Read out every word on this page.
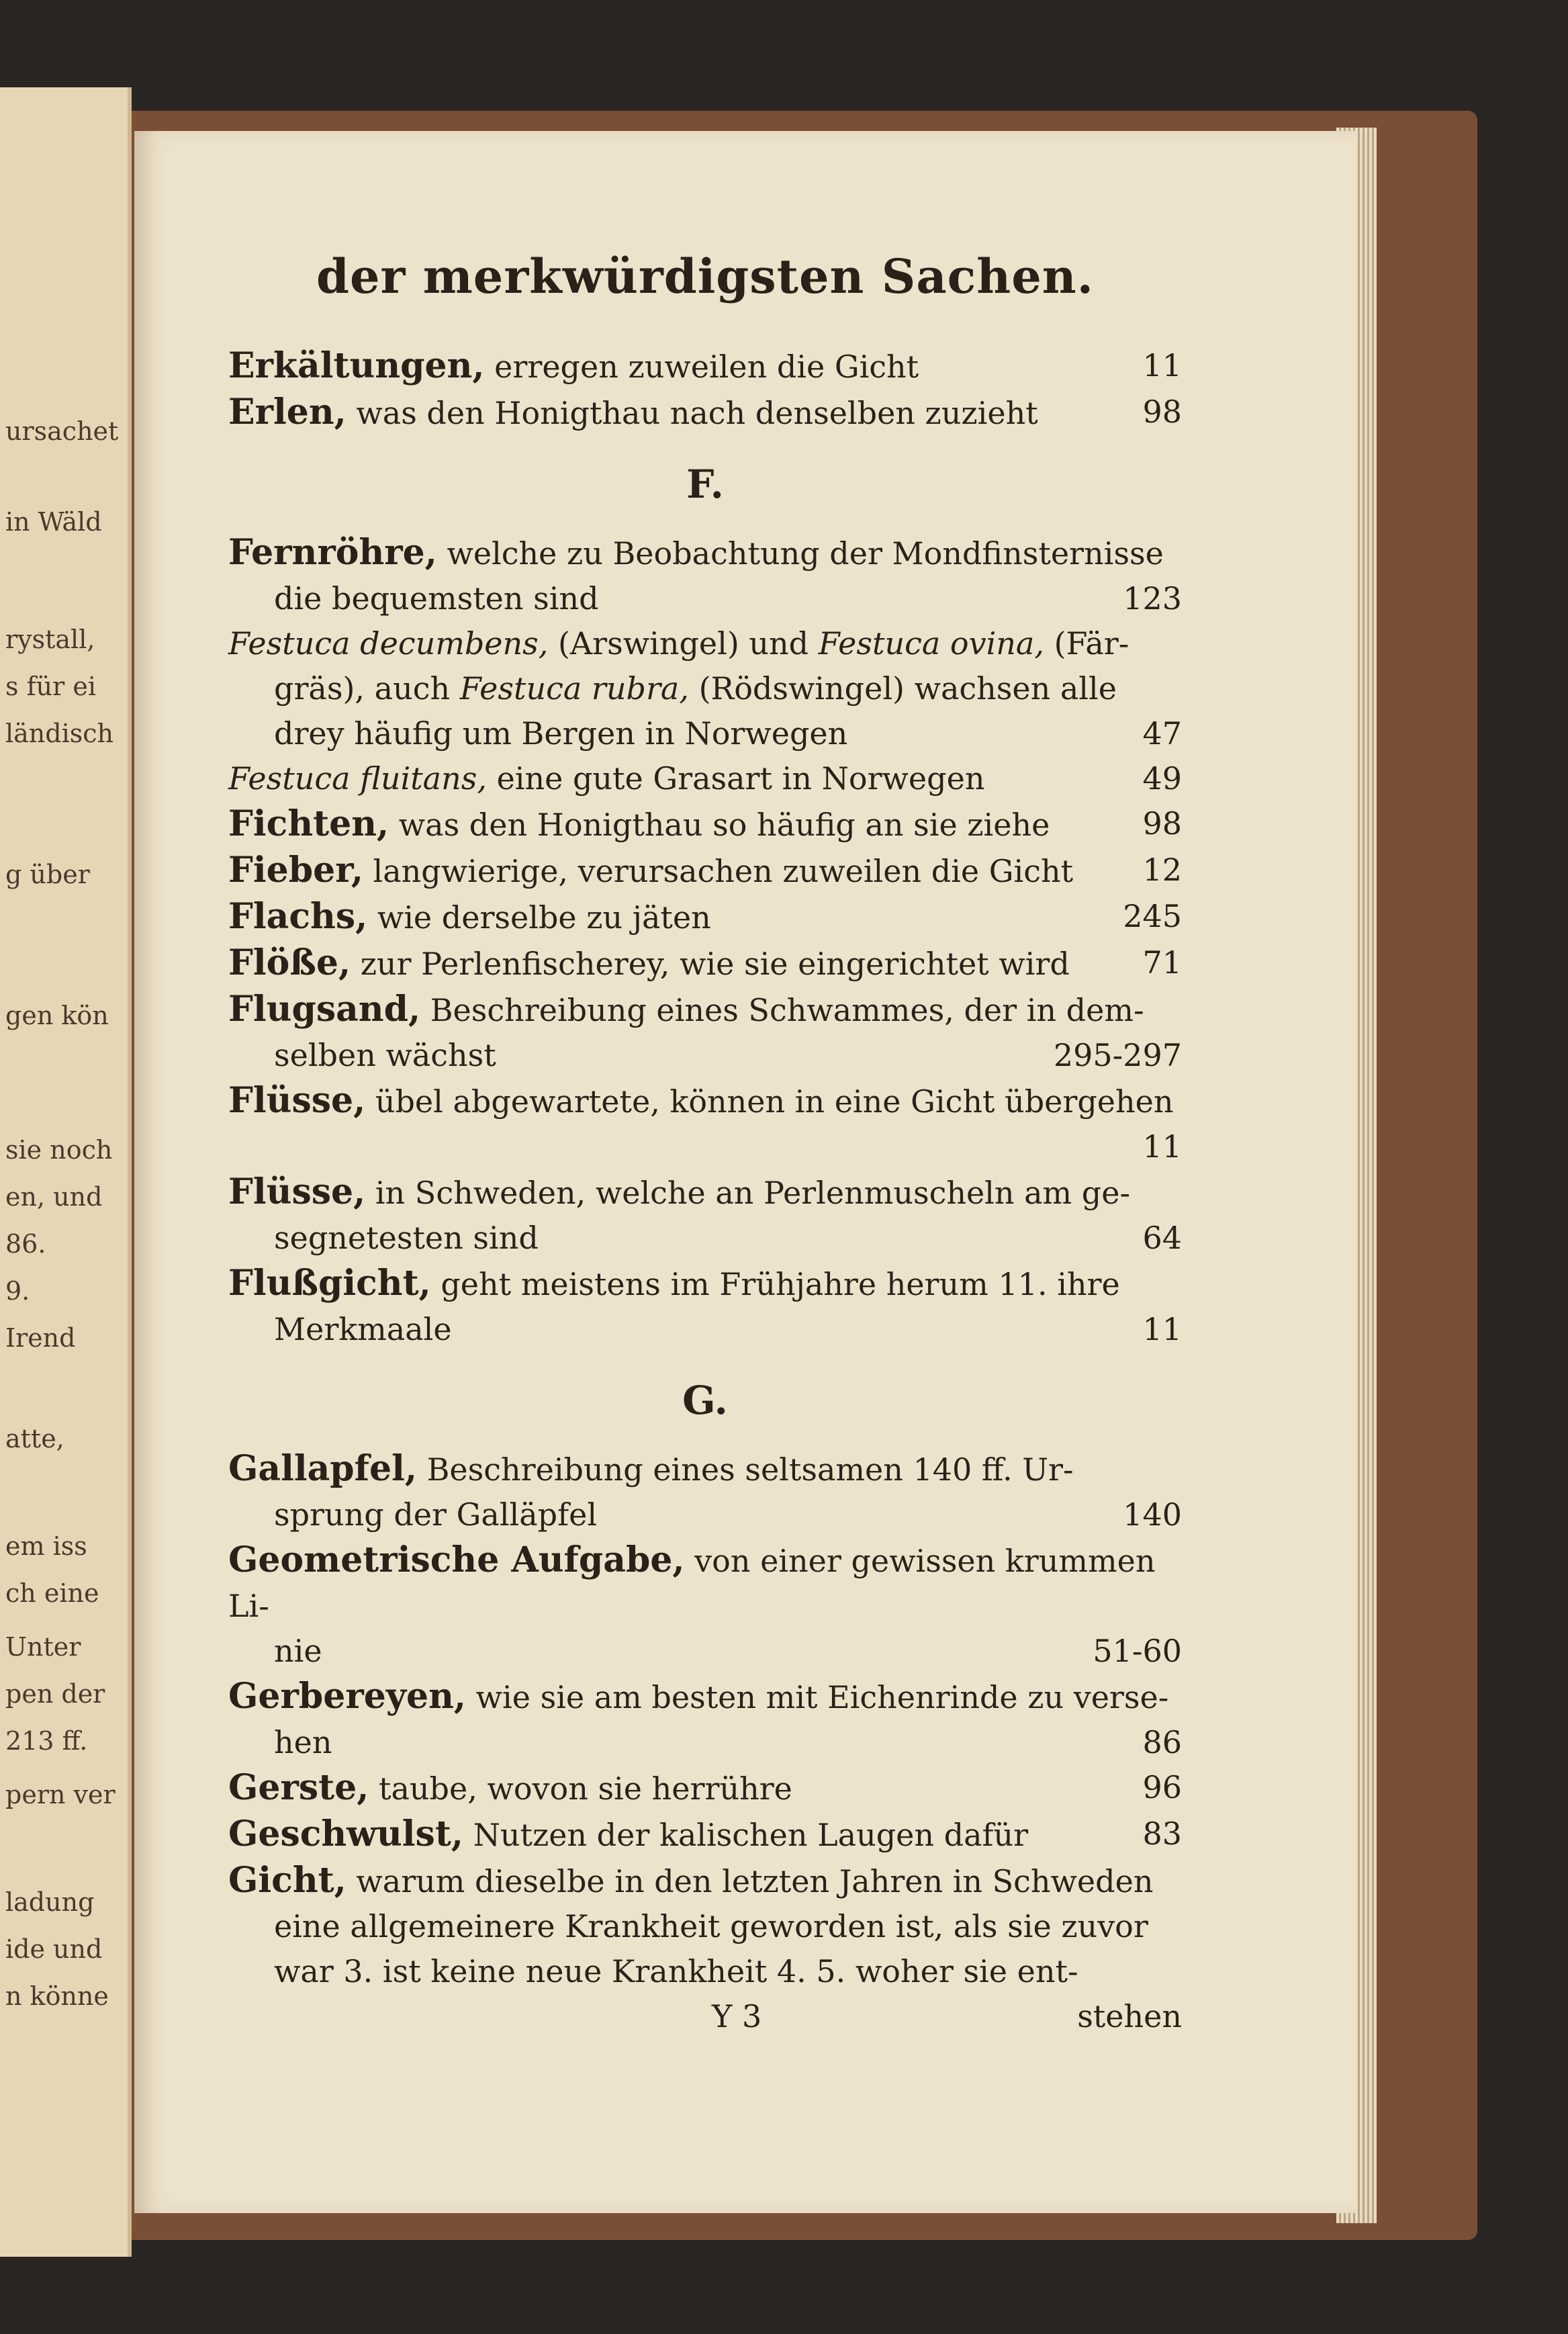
ursachet
in Wäld
rystall,
s für ei
ländisch
g über
gen kön
sie noch
en, und
86.
9.
Irend
atte,
em iss
ch eine
Unter
pen der
213 ff.
pern ver
ladung
ide und
n könne
der merkwürdigsten Sachen.
Erkältungen, erregen zuweilen die Gicht	11
Erlen, was den Honigthau nach denselben zuzieht	98
F.
Fernröhre, welche zu Beobachtung der Mondfinsternisse
die bequemsten sind	123
Festuca decumbens, (Arswingel) und Festuca ovina, (Fär-
gräs), auch Festuca rubra, (Rödswingel) wachsen alle
drey häufig um Bergen in Norwegen	47
Festuca fluitans, eine gute Grasart in Norwegen	49
Fichten, was den Honigthau so häufig an sie ziehe	98
Fieber, langwierige, verursachen zuweilen die Gicht 12
Flachs, wie derselbe zu jäten	245
Flöße, zur Perlenfischerey, wie sie eingerichtet wird 71
Flugsand, Beschreibung eines Schwammes, der in dem-
selben wächst	295-297
Flüsse, übel abgewartete, können in eine Gicht übergehen
11
Flüsse, in Schweden, welche an Perlenmuscheln am ge-
segnetesten sind	64
Flußgicht, geht meistens im Frühjahre herum 11. ihre
Merkmaale	11
G.
Gallapfel, Beschreibung eines seltsamen 140 ff. Ur-
sprung der Galläpfel	140
Geometrische Aufgabe, von einer gewissen krummen Li-
nie	51-60
Gerbereyen, wie sie am besten mit Eichenrinde zu verse-
hen	86
Gerste, taube, wovon sie herrühre	96
Geschwulst, Nutzen der kalischen Laugen dafür	83
Gicht, warum dieselbe in den letzten Jahren in Schweden
eine allgemeinere Krankheit geworden ist, als sie zuvor
war 3. ist keine neue Krankheit 4. 5. woher sie ent-
Y 3	stehen
